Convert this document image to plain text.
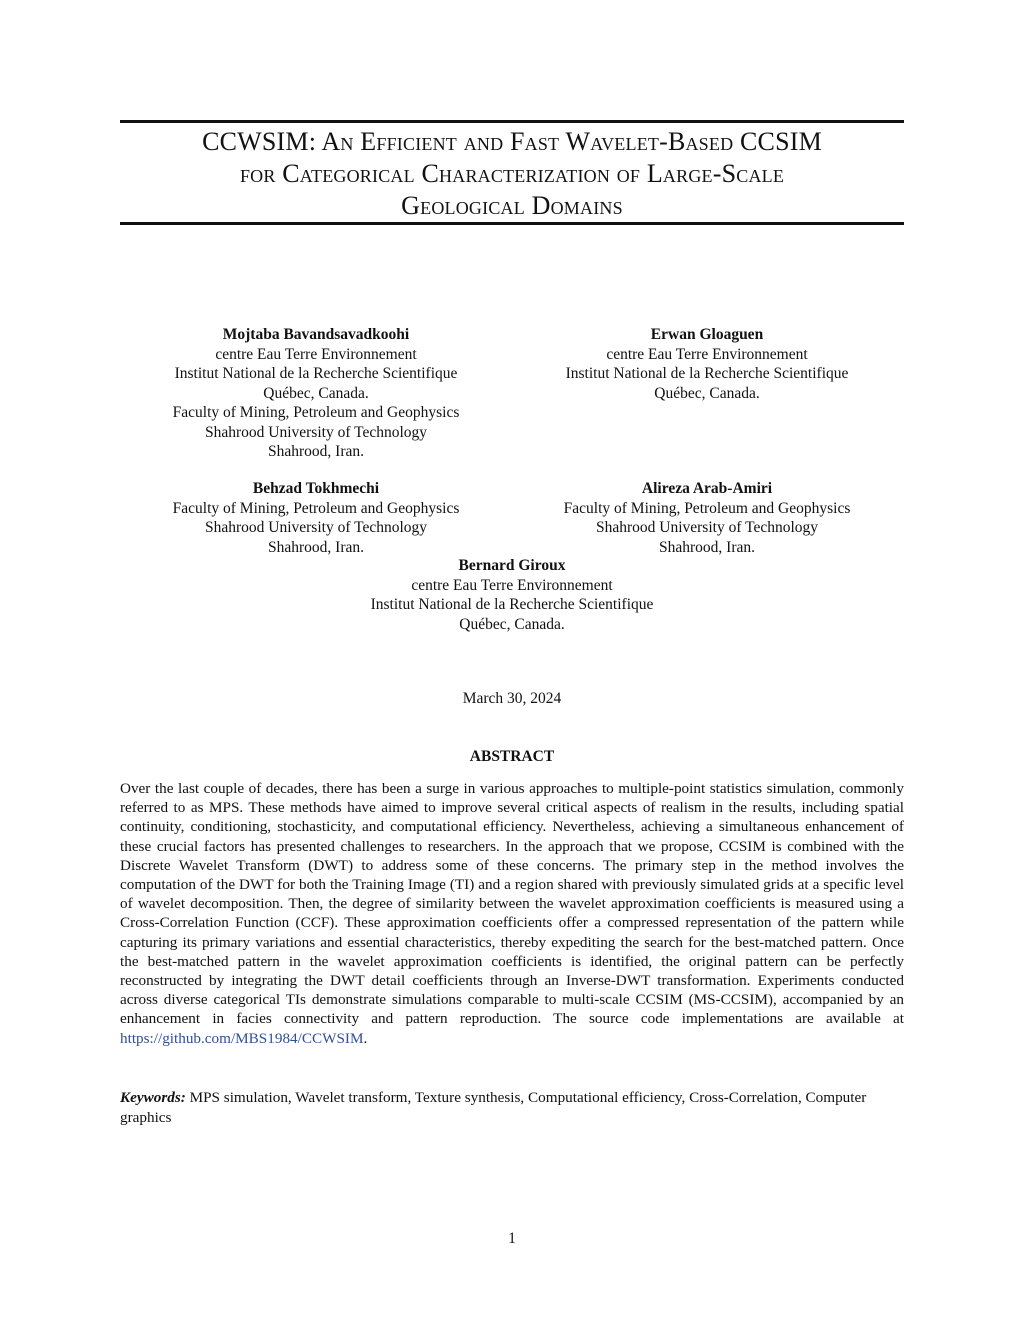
CCWSIM: An Efficient and Fast Wavelet-Based CCSIM
for Categorical Characterization of Large-Scale
Geological Domains
Mojtaba Bavandsavadkoohi
centre Eau Terre Environnement
Institut National de la Recherche Scientifique
Québec, Canada.
Faculty of Mining, Petroleum and Geophysics
Shahrood University of Technology
Shahrood, Iran.
Erwan Gloaguen
centre Eau Terre Environnement
Institut National de la Recherche Scientifique
Québec, Canada.
Behzad Tokhmechi
Faculty of Mining, Petroleum and Geophysics
Shahrood University of Technology
Shahrood, Iran.
Alireza Arab-Amiri
Faculty of Mining, Petroleum and Geophysics
Shahrood University of Technology
Shahrood, Iran.
Bernard Giroux
centre Eau Terre Environnement
Institut National de la Recherche Scientifique
Québec, Canada.
March 30, 2024
ABSTRACT
Over the last couple of decades, there has been a surge in various approaches to multiple-point statistics simulation, commonly referred to as MPS. These methods have aimed to improve several critical aspects of realism in the results, including spatial continuity, conditioning, stochasticity, and computational efficiency. Nevertheless, achieving a simultaneous enhancement of these crucial factors has presented challenges to researchers. In the approach that we propose, CCSIM is combined with the Discrete Wavelet Transform (DWT) to address some of these concerns. The primary step in the method involves the computation of the DWT for both the Training Image (TI) and a region shared with previously simulated grids at a specific level of wavelet decomposition. Then, the degree of similarity between the wavelet approximation coefficients is measured using a Cross-Correlation Function (CCF). These approximation coefficients offer a compressed representation of the pattern while capturing its primary variations and essential characteristics, thereby expediting the search for the best-matched pattern. Once the best-matched pattern in the wavelet approximation coefficients is identified, the original pattern can be perfectly reconstructed by integrating the DWT detail coefficients through an Inverse-DWT transformation. Experiments conducted across diverse categorical TIs demonstrate simulations comparable to multi-scale CCSIM (MS-CCSIM), accompanied by an enhancement in facies connectivity and pattern reproduction. The source code implementations are available at https://github.com/MBS1984/CCWSIM.
Keywords: MPS simulation, Wavelet transform, Texture synthesis, Computational efficiency, Cross-Correlation, Computer graphics
1
